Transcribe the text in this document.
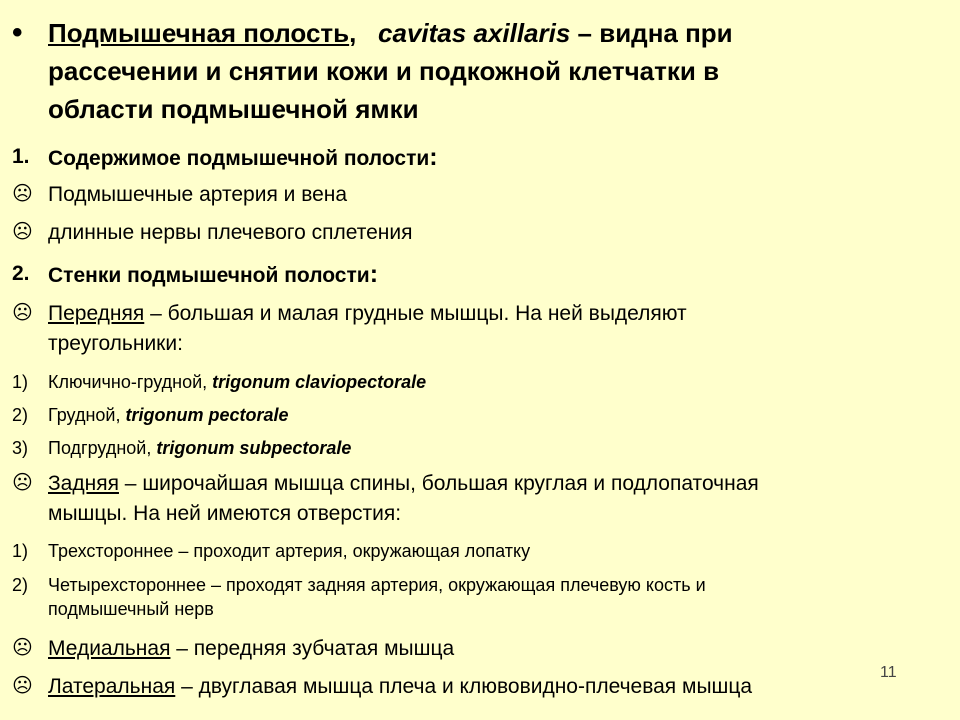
• Подмышечная полость, cavitas axillaris – видна при
рассечении и снятии кожи и подкожной клетчатки в
области подмышечной ямки
1. Содержимое подмышечной полости:
☹ Подмышечные артерия и вена
☹ длинные нервы плечевого сплетения
2. Стенки подмышечной полости:
☹ Передняя – большая и малая грудные мышцы. На ней выделяют
треугольники:
1)	Ключично-грудной, trigonum clavіopectorale
2)	Грудной, trigonum pectorale
3)	Подгрудной, trigonum subpectorale
☹ Задняя – широчайшая мышца спины, большая круглая и подлопаточная
мышцы. На ней имеются отверстия:
1)	Трехстороннее – проходит артерия, окружающая лопатку
2)	Четырехстороннее – проходят задняя артерия, окружающая плечевую кость и
подмышечный нерв
☹ Медиальная – передняя зубчатая мышца
☹ Латеральная – двуглавая мышца плеча и клювовидно-плечевая мышца
11
